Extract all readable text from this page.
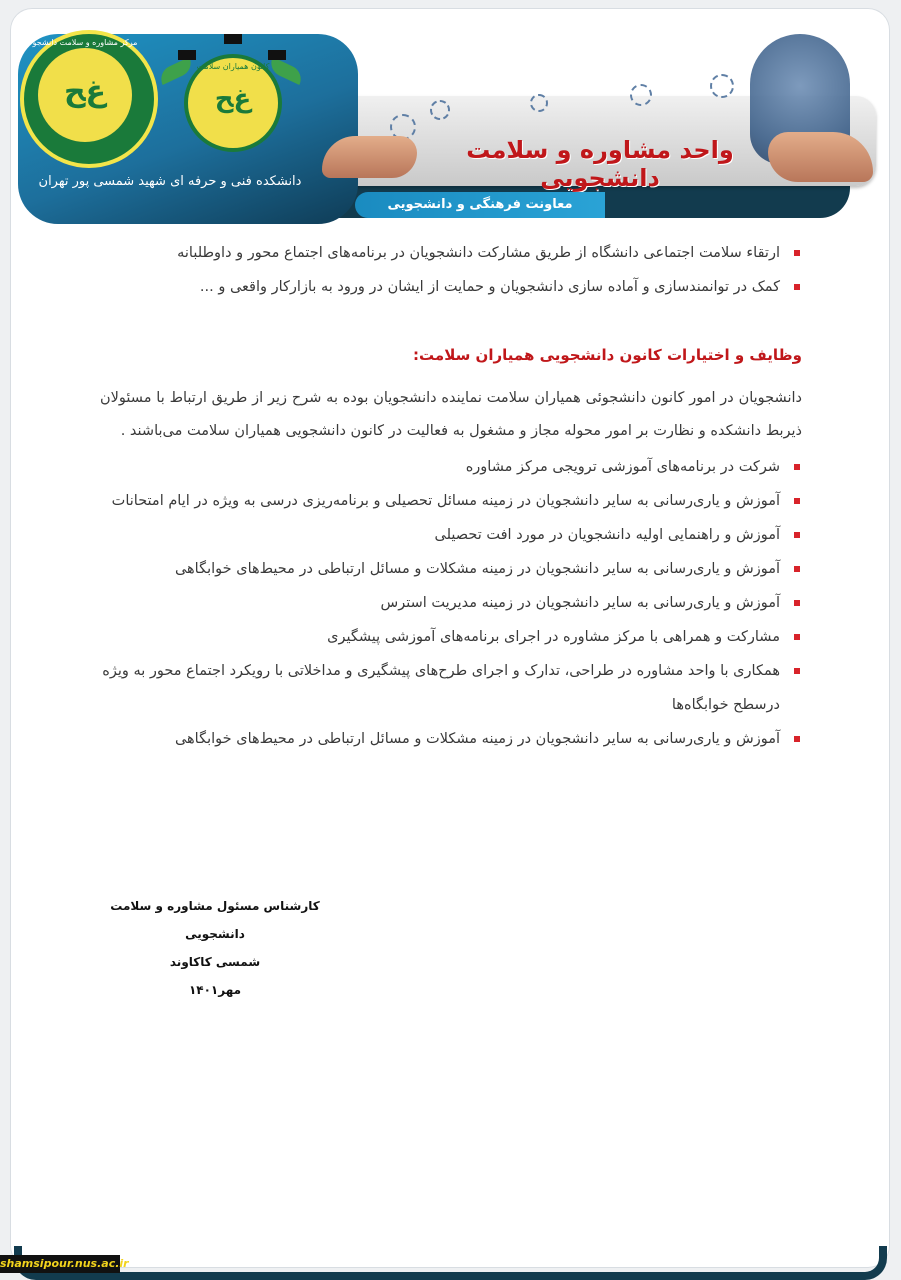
واحد مشاوره و سلامت دانشجویی
معاونت فرهنگی و دانشجویی
دانشکده فنی و حرفه ای شهید شمسی پور تهران
مرکز مشاوره و سلامت دانشجو
ﻍﺢ
کانون همیاران سلامت
ﻍﺢ
ارتقاء سلامت اجتماعی دانشگاه از طریق مشارکت دانشجویان در برنامه‌های اجتماع محور و داوطلبانه
کمک در توانمندسازی و آماده سازی دانشجویان و حمایت از ایشان در ورود به بازارکار واقعی و ...
وظایف و اختیارات کانون دانشجویی همیاران سلامت:

دانشجویان در امور کانون دانشجوئی همیاران سلامت نماینده دانشجویان بوده به شرح زیر از طریق ارتباط با مسئولان ذیربط دانشکده و نظارت بر امور محوله مجاز و مشغول به فعالیت در کانون دانشجویی همیاران سلامت می‌باشند .

شرکت در برنامه‌های آموزشی ترویجی مرکز مشاوره
آموزش و یاری‌رسانی به سایر دانشجویان در زمینه مسائل تحصیلی و برنامه‌ریزی درسی به ویژه در ایام امتحانات
آموزش و راهنمایی اولیه دانشجویان در مورد افت تحصیلی
آموزش و یاری‌رسانی به سایر دانشجویان در زمینه مشکلات و مسائل ارتباطی در محیط‌های خوابگاهی
آموزش و یاری‌رسانی به سایر دانشجویان در زمینه مدیریت استرس
مشارکت و همراهی با مرکز مشاوره در اجرای برنامه‌های آموزشی پیشگیری
همکاری با واحد مشاوره در طراحی، تدارک و اجرای طرح‌های پیشگیری و مداخلاتی با رویکرد اجتماع محور به ویژه درسطح خوابگاه‌ها
آموزش و یاری‌رسانی به سایر دانشجویان در زمینه مشکلات و مسائل ارتباطی در محیط‌های خوابگاهی
کارشناس مسئول مشاوره و سلامت دانشجویی
شمسی کاکاوند
مهر۱۴۰۱
shamsipour.nus.ac.ir
